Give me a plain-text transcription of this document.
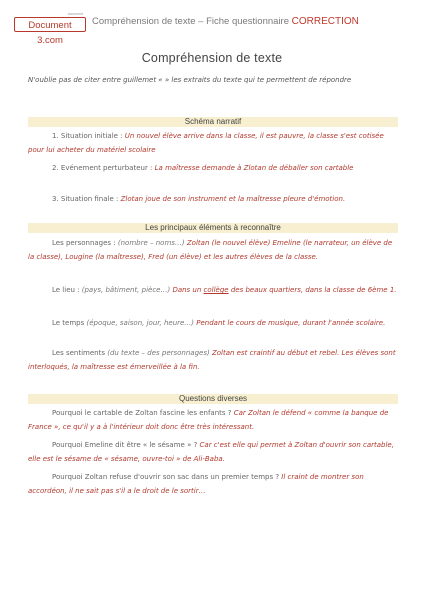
document
Document 3.com
Compréhension de texte – Fiche questionnaire CORRECTION
Compréhension de texte
N'oublie pas de citer entre guillemet « » les extraits du texte qui te permettent de répondre
Schéma narratif
1. Situation initiale : Un nouvel élève arrive dans la classe, il est pauvre, la classe s'est cotisée pour lui acheter du matériel scolaire
2. Evénement perturbateur : La maîtresse demande à Zlotan de déballer son cartable
3. Situation finale : Zlotan joue de son instrument et la maîtresse pleure d'émotion.
Les principaux éléments à reconnaître
Les personnages : (nombre – noms…) Zoltan (le nouvel élève) Emeline (le narrateur, un élève de la classe), Lougine (la maîtresse), Fred (un élève) et les autres élèves de la classe.
Le lieu : (pays, bâtiment, pièce…) Dans un collège des beaux quartiers, dans la classe de 6ème 1.
Le temps (époque, saison, jour, heure…) Pendant le cours de musique, durant l'année scolaire.
Les sentiments (du texte – des personnages) Zoltan est craintif au début et rebel. Les élèves sont interloqués, la maîtresse est émerveillée à la fin.
Questions diverses
Pourquoi le cartable de Zoltan fascine les enfants ? Car Zoltan le défend « comme la banque de France », ce qu'il y a à l'intérieur doit donc être très intéressant.
Pourquoi Emeline dit être « le sésame » ? Car c'est elle qui permet à Zoltan d'ouvrir son cartable, elle est le sésame de « sésame, ouvre-toi » de Ali-Baba.
Pourquoi Zoltan refuse d'ouvrir son sac dans un premier temps ? Il craint de montrer son accordéon, il ne sait pas s'il a le droit de le sortir…
